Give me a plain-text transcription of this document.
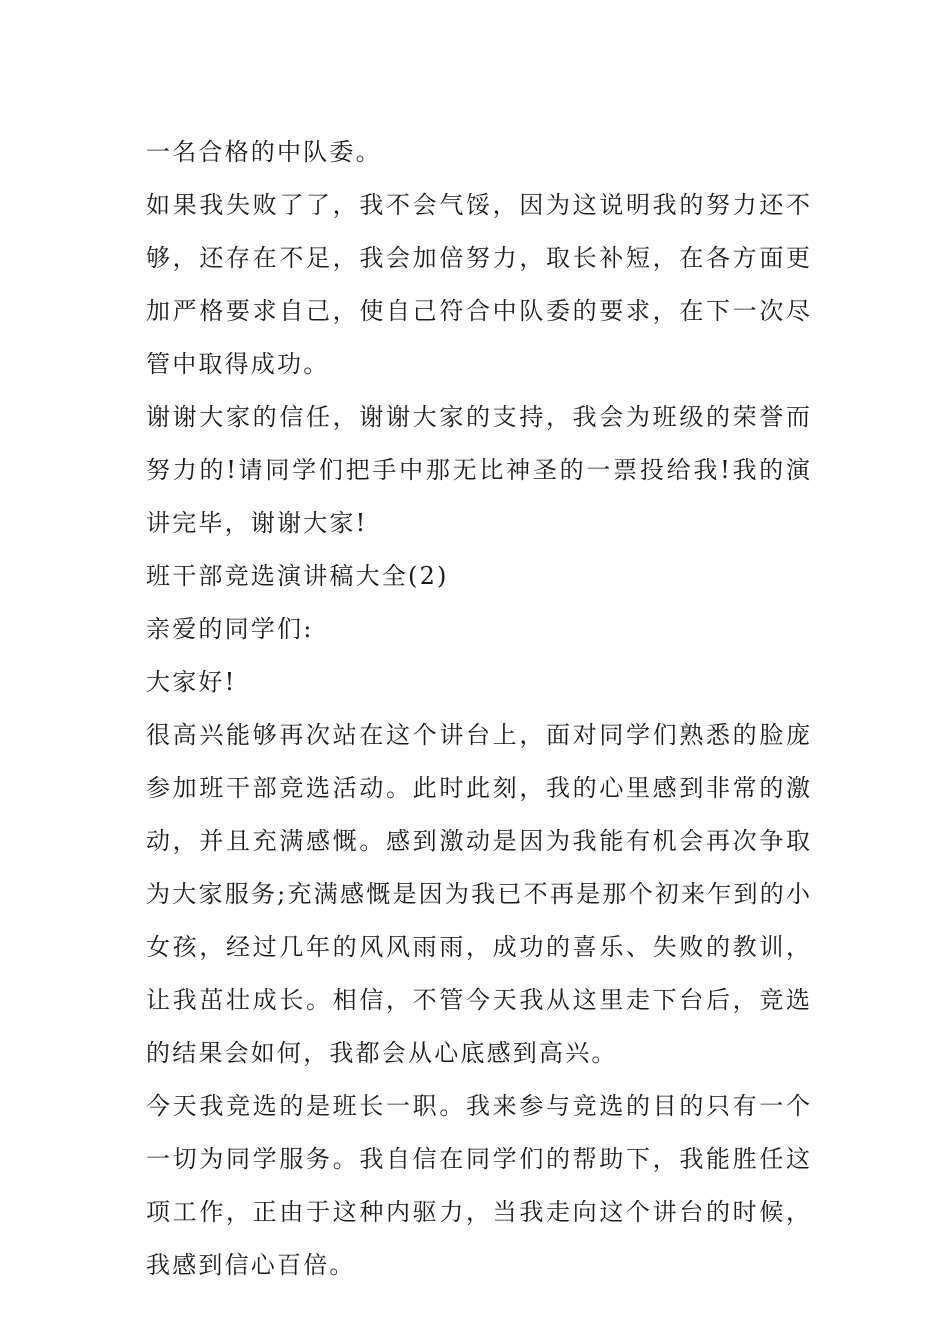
一名合格的中队委。
如果我失败了了，我不会气馁，因为这说明我的努力还不
够，还存在不足，我会加倍努力，取长补短，在各方面更
加严格要求自己，使自己符合中队委的要求，在下一次尽
管中取得成功。
谢谢大家的信任，谢谢大家的支持，我会为班级的荣誉而
努力的!请同学们把手中那无比神圣的一票投给我!我的演
讲完毕，谢谢大家!
班干部竞选演讲稿大全(2)
亲爱的同学们:
大家好!
很高兴能够再次站在这个讲台上，面对同学们熟悉的脸庞
参加班干部竞选活动。此时此刻，我的心里感到非常的激
动，并且充满感慨。感到激动是因为我能有机会再次争取
为大家服务;充满感慨是因为我已不再是那个初来乍到的小
女孩，经过几年的风风雨雨，成功的喜乐、失败的教训，
让我茁壮成长。相信，不管今天我从这里走下台后，竞选
的结果会如何，我都会从心底感到高兴。
今天我竞选的是班长一职。我来参与竞选的目的只有一个
一切为同学服务。我自信在同学们的帮助下，我能胜任这
项工作，正由于这种内驱力，当我走向这个讲台的时候，
我感到信心百倍。
